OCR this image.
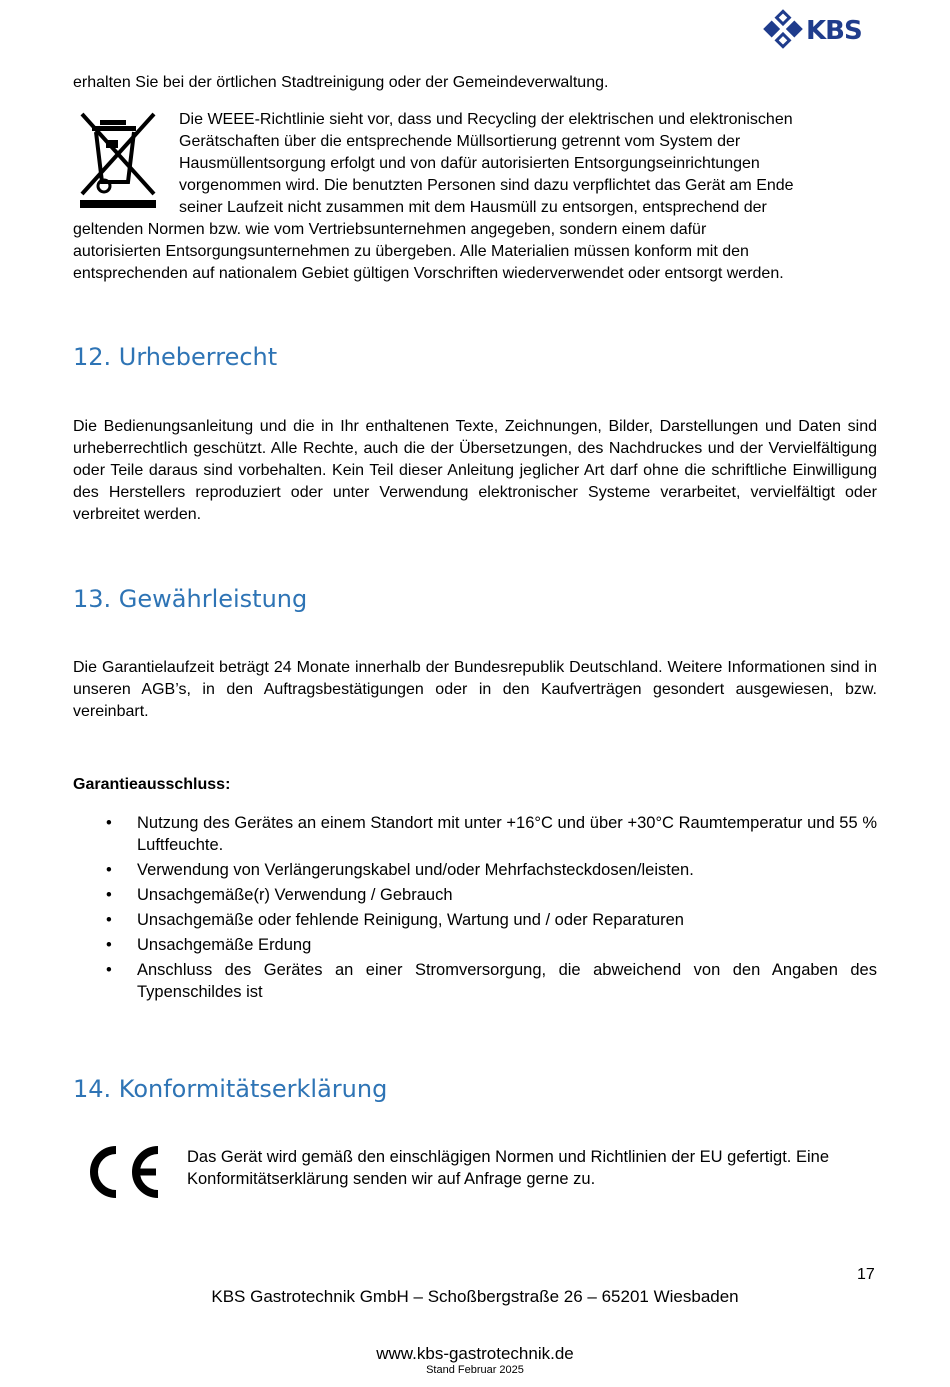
KBS
erhalten Sie bei der örtlichen Stadtreinigung oder der Gemeindeverwaltung.
Die WEEE-Richtlinie sieht vor, dass und Recycling der elektrischen und elektronischen
Gerätschaften über die entsprechende Müllsortierung getrennt vom System der
Hausmüllentsorgung erfolgt und von dafür autorisierten Entsorgungseinrichtungen
vorgenommen wird. Die benutzten Personen sind dazu verpflichtet das Gerät am Ende
seiner Laufzeit nicht zusammen mit dem Hausmüll zu entsorgen, entsprechend der
geltenden Normen bzw. wie vom Vertriebsunternehmen angegeben, sondern einem dafür
autorisierten Entsorgungsunternehmen zu übergeben. Alle Materialien müssen konform mit den
entsprechenden auf nationalem Gebiet gültigen Vorschriften wiederverwendet oder entsorgt werden.
12. Urheberrecht
Die Bedienungsanleitung und die in Ihr enthaltenen Texte, Zeichnungen, Bilder, Darstellungen und Daten sind urheberrechtlich geschützt. Alle Rechte, auch die der Übersetzungen, des Nachdruckes und der Vervielfältigung oder Teile daraus sind vorbehalten. Kein Teil dieser Anleitung jeglicher Art darf ohne die schriftliche Einwilligung des Herstellers reproduziert oder unter Verwendung elektronischer Systeme verarbeitet, vervielfältigt oder verbreitet werden.
13. Gewährleistung
Die Garantielaufzeit beträgt 24 Monate innerhalb der Bundesrepublik Deutschland. Weitere Informationen sind in unseren AGB’s, in den Auftragsbestätigungen oder in den Kaufverträgen gesondert ausgewiesen, bzw. vereinbart.
Garantieausschluss:
• Nutzung des Gerätes an einem Standort mit unter +16°C und über +30°C Raumtemperatur und 55 % Luftfeuchte.
• Verwendung von Verlängerungskabel und/oder Mehrfachsteckdosen/leisten.
• Unsachgemäße(r) Verwendung / Gebrauch
• Unsachgemäße oder fehlende Reinigung, Wartung und / oder Reparaturen
• Unsachgemäße Erdung
• Anschluss des Gerätes an einer Stromversorgung, die abweichend von den Angaben des Typenschildes ist
14. Konformitätserklärung
Das Gerät wird gemäß den einschlägigen Normen und Richtlinien der EU gefertigt. Eine Konformitätserklärung senden wir auf Anfrage gerne zu.
17
KBS Gastrotechnik GmbH – Schoßbergstraße 26 – 65201 Wiesbaden
www.kbs-gastrotechnik.de
Stand Februar 2025
